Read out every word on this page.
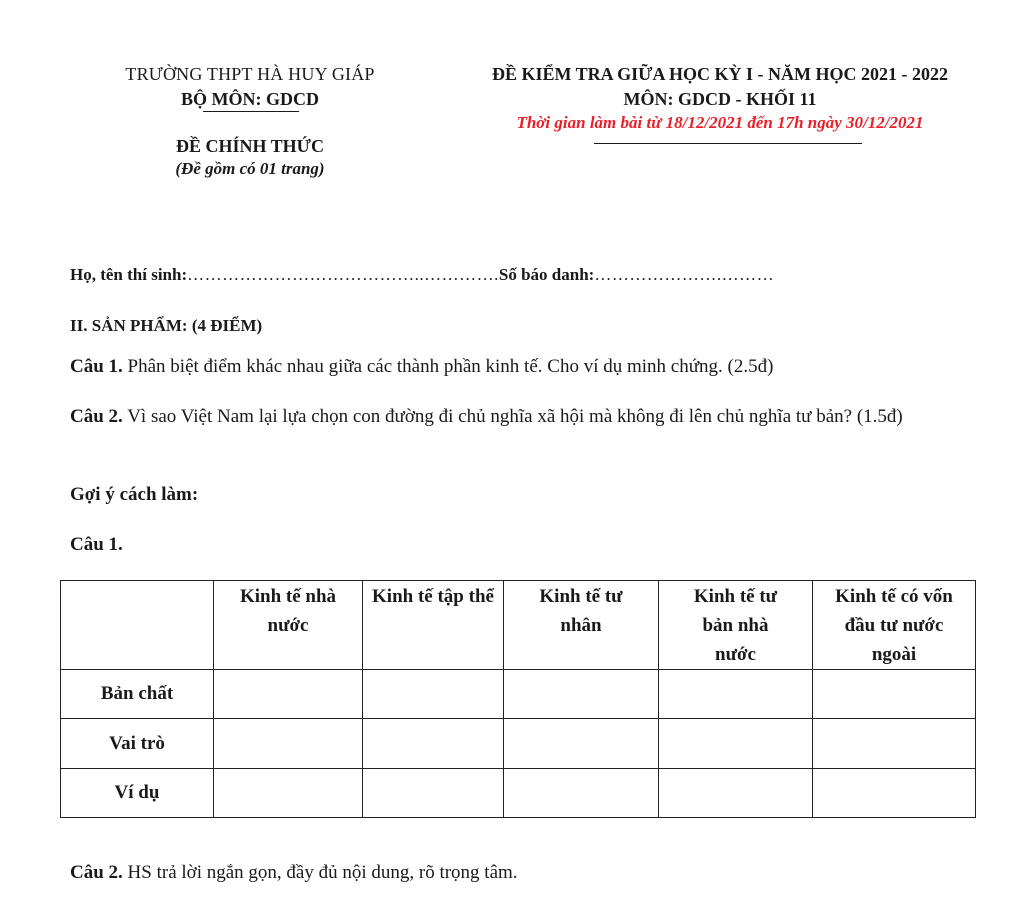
TRƯỜNG THPT HÀ HUY GIÁP
BỘ MÔN: GDCD
ĐỀ CHÍNH THỨC
(Đề gồm có 01 trang)
ĐỀ KIỂM TRA GIỮA HỌC KỲ I - NĂM HỌC 2021 - 2022
MÔN: GDCD - KHỐI 11
Thời gian làm bài từ 18/12/2021 đến 17h ngày 30/12/2021
Họ, tên thí sinh:…………………………………..………….Số báo danh:………………….………
II. SẢN PHẨM: (4 ĐIỂM)
Câu 1. Phân biệt điểm khác nhau giữa các thành phần kinh tế. Cho ví dụ minh chứng. (2.5đ)
Câu 2. Vì sao Việt Nam lại lựa chọn con đường đi chủ nghĩa xã hội mà không đi lên chủ nghĩa tư bản? (1.5đ)
Gợi ý cách làm:
Câu 1.
	Kinh tế nhà nước	Kinh tế tập thể	Kinh tế tư nhân	Kinh tế tư bản nhà nước	Kinh tế có vốn đầu tư nước ngoài
Bản chất					
Vai trò					
Ví dụ					
Câu 2. HS trả lời ngắn gọn, đầy đủ nội dung, rõ trọng tâm.
